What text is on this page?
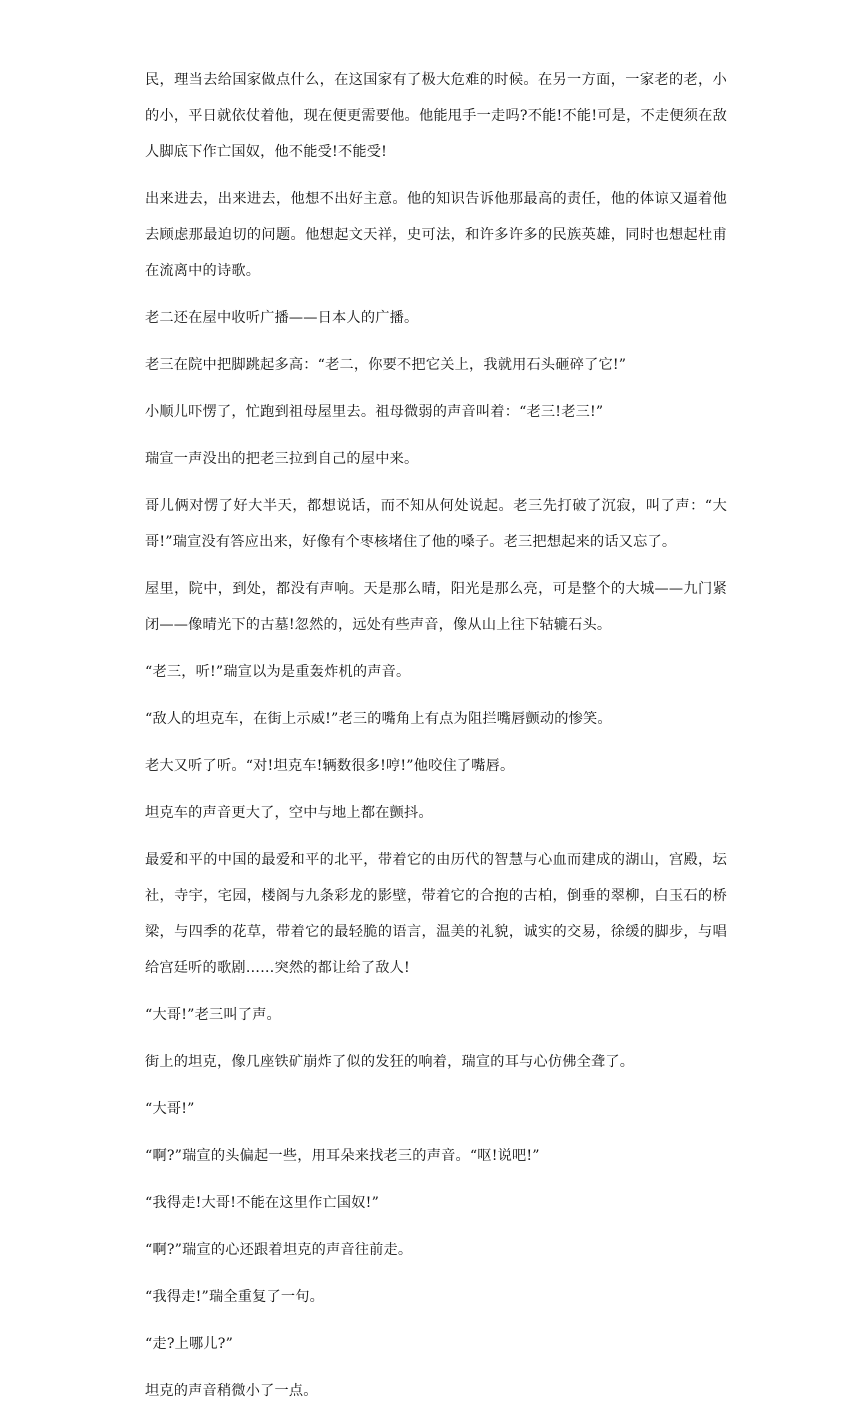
民，理当去给国家做点什么，在这国家有了极大危难的时候。在另一方面，一家老的老，小的小，平日就依仗着他，现在便更需要他。他能甩手一走吗?不能!不能!可是，不走便须在敌人脚底下作亡国奴，他不能受!不能受!

出来进去，出来进去，他想不出好主意。他的知识告诉他那最高的责任，他的体谅又逼着他去顾虑那最迫切的问题。他想起文天祥，史可法，和许多许多的民族英雄，同时也想起杜甫在流离中的诗歌。

老二还在屋中收听广播——日本人的广播。

老三在院中把脚跳起多高：“老二，你要不把它关上，我就用石头砸碎了它!”

小顺儿吓愣了，忙跑到祖母屋里去。祖母微弱的声音叫着：“老三!老三!”

瑞宣一声没出的把老三拉到自己的屋中来。

哥儿俩对愣了好大半天，都想说话，而不知从何处说起。老三先打破了沉寂，叫了声：“大哥!”瑞宣没有答应出来，好像有个枣核堵住了他的嗓子。老三把想起来的话又忘了。

屋里，院中，到处，都没有声响。天是那么晴，阳光是那么亮，可是整个的大城——九门紧闭——像晴光下的古墓!忽然的，远处有些声音，像从山上往下轱辘石头。

“老三，听!”瑞宣以为是重轰炸机的声音。

“敌人的坦克车，在街上示威!”老三的嘴角上有点为阻拦嘴唇颤动的惨笑。

老大又听了听。“对!坦克车!辆数很多!哼!”他咬住了嘴唇。

坦克车的声音更大了，空中与地上都在颤抖。

最爱和平的中国的最爱和平的北平，带着它的由历代的智慧与心血而建成的湖山，宫殿，坛社，寺宇，宅园，楼阁与九条彩龙的影壁，带着它的合抱的古柏，倒垂的翠柳，白玉石的桥梁，与四季的花草，带着它的最轻脆的语言，温美的礼貌，诚实的交易，徐缓的脚步，与唱给宫廷听的歌剧……突然的都让给了敌人!

“大哥!”老三叫了声。

街上的坦克，像几座铁矿崩炸了似的发狂的响着，瑞宣的耳与心仿佛全聋了。

“大哥!”

“啊?”瑞宣的头偏起一些，用耳朵来找老三的声音。“呕!说吧!”

“我得走!大哥!不能在这里作亡国奴!”

“啊?”瑞宣的心还跟着坦克的声音往前走。

“我得走!”瑞全重复了一句。

“走?上哪儿?”

坦克的声音稍微小了一点。
